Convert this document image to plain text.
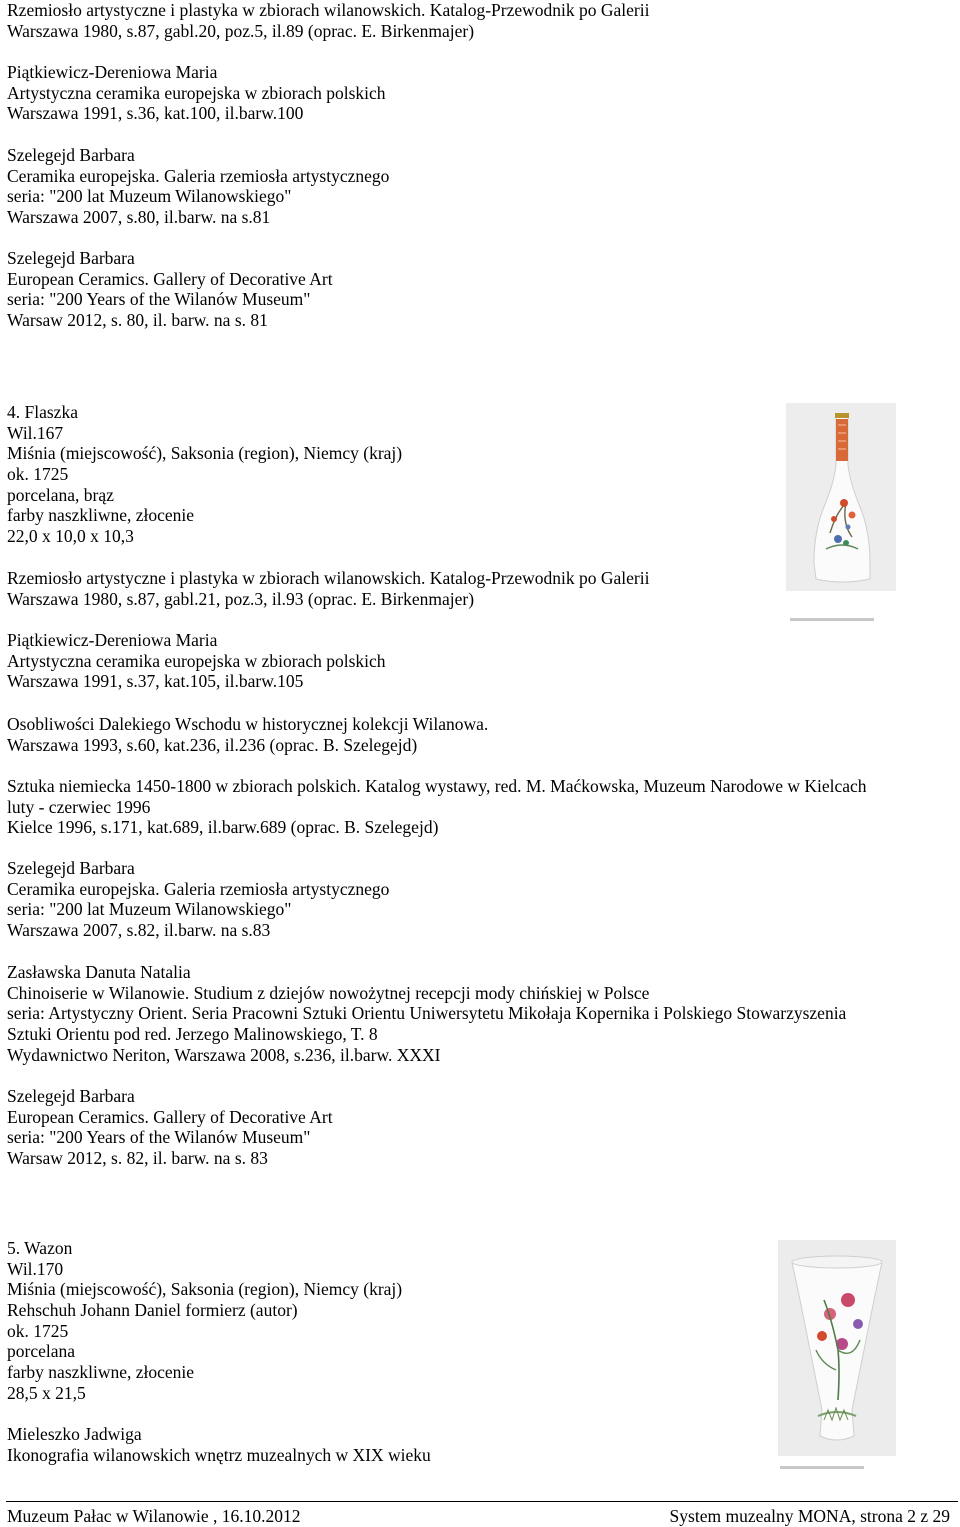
Rzemiosło artystyczne i plastyka w zbiorach wilanowskich. Katalog-Przewodnik po Galerii
Warszawa 1980, s.87, gabl.20, poz.5, il.89 (oprac. E. Birkenmajer)
Piątkiewicz-Dereniowa Maria
Artystyczna ceramika europejska w zbiorach polskich
Warszawa 1991, s.36, kat.100, il.barw.100
Szelegejd Barbara
Ceramika europejska. Galeria rzemiosła artystycznego
seria: "200 lat Muzeum Wilanowskiego"
Warszawa 2007, s.80, il.barw. na s.81
Szelegejd Barbara
European Ceramics. Gallery of Decorative Art
seria: "200 Years of the Wilanów Museum"
Warsaw 2012, s. 80, il. barw. na s. 81
4. Flaszka
Wil.167
Miśnia (miejscowość), Saksonia (region), Niemcy (kraj)
ok. 1725
porcelana, brąz
farby naszkliwne, złocenie
22,0 x 10,0 x 10,3
Rzemiosło artystyczne i plastyka w zbiorach wilanowskich. Katalog-Przewodnik po Galerii
Warszawa 1980, s.87, gabl.21, poz.3, il.93 (oprac. E. Birkenmajer)
Piątkiewicz-Dereniowa Maria
Artystyczna ceramika europejska w zbiorach polskich
Warszawa 1991, s.37, kat.105, il.barw.105
Osobliwości Dalekiego Wschodu w historycznej kolekcji Wilanowa.
Warszawa 1993, s.60, kat.236, il.236 (oprac. B. Szelegejd)
Sztuka niemiecka 1450-1800 w zbiorach polskich. Katalog wystawy, red. M. Maćkowska, Muzeum Narodowe w Kielcach
luty - czerwiec 1996
Kielce 1996, s.171, kat.689, il.barw.689 (oprac. B. Szelegejd)
Szelegejd Barbara
Ceramika europejska. Galeria rzemiosła artystycznego
seria: "200 lat Muzeum Wilanowskiego"
Warszawa 2007, s.82, il.barw. na s.83
Zasławska Danuta Natalia
Chinoiserie w Wilanowie. Studium z dziejów nowożytnej recepcji mody chińskiej w Polsce
seria: Artystyczny Orient. Seria Pracowni Sztuki Orientu Uniwersytetu Mikołaja Kopernika i Polskiego Stowarzyszenia
Sztuki Orientu pod red. Jerzego Malinowskiego, T. 8
Wydawnictwo Neriton, Warszawa 2008, s.236, il.barw. XXXI
Szelegejd Barbara
European Ceramics. Gallery of Decorative Art
seria: "200 Years of the Wilanów Museum"
Warsaw 2012, s. 82, il. barw. na s. 83
5. Wazon
Wil.170
Miśnia (miejscowość), Saksonia (region), Niemcy (kraj)
Rehschuh Johann Daniel formierz (autor)
ok. 1725
porcelana
farby naszkliwne, złocenie
28,5 x 21,5
Mieleszko Jadwiga
Ikonografia wilanowskich wnętrz muzealnych w XIX wieku
Muzeum Pałac w Wilanowie , 16.10.2012	System muzealny MONA, strona 2 z 29
